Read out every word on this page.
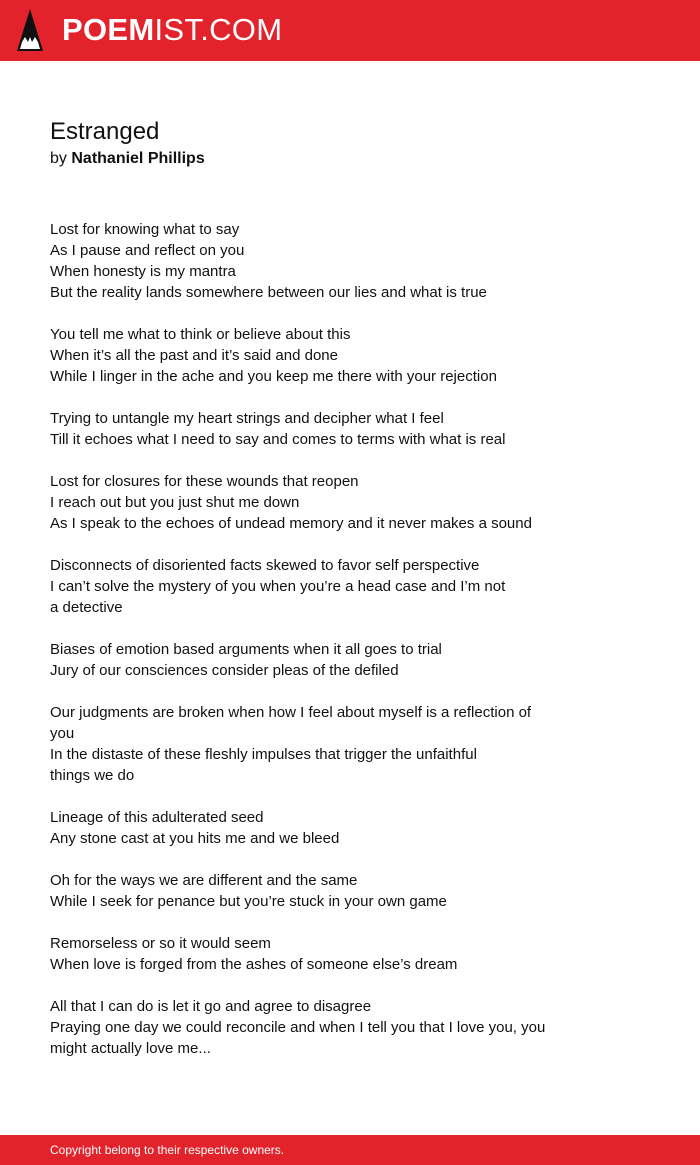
POEMIST.COM
Estranged
by Nathaniel Phillips

Lost for knowing what to say
As I pause and reflect on you
When honesty is my mantra
But the reality lands somewhere between our lies and what is true

You tell me what to think or believe about this
When it’s all the past and it’s said and done
While I linger in the ache and you keep me there with your rejection

Trying to untangle my heart strings and decipher what I feel
Till it echoes what I need to say and comes to terms with what is real

Lost for closures for these wounds that reopen
I reach out but you just shut me down
As I speak to the echoes of undead memory and it never makes a sound

Disconnects of disoriented facts skewed to favor self perspective
I can’t solve the mystery of you when you’re a head case and I’m not
a detective

Biases of emotion based arguments when it all goes to trial
Jury of our consciences consider pleas of the defiled

Our judgments are broken when how I feel about myself is a reflection of
you
In the distaste of these fleshly impulses that trigger the unfaithful
things we do

Lineage of this adulterated seed
Any stone cast at you hits me and we bleed

Oh for the ways we are different and the same
While I seek for penance but you’re stuck in your own game

Remorseless or so it would seem
When love is forged from the ashes of someone else’s dream

All that I can do is let it go and agree to disagree
Praying one day we could reconcile and when I tell you that I love you, you
might actually love me...

Copyright belong to their respective owners.
